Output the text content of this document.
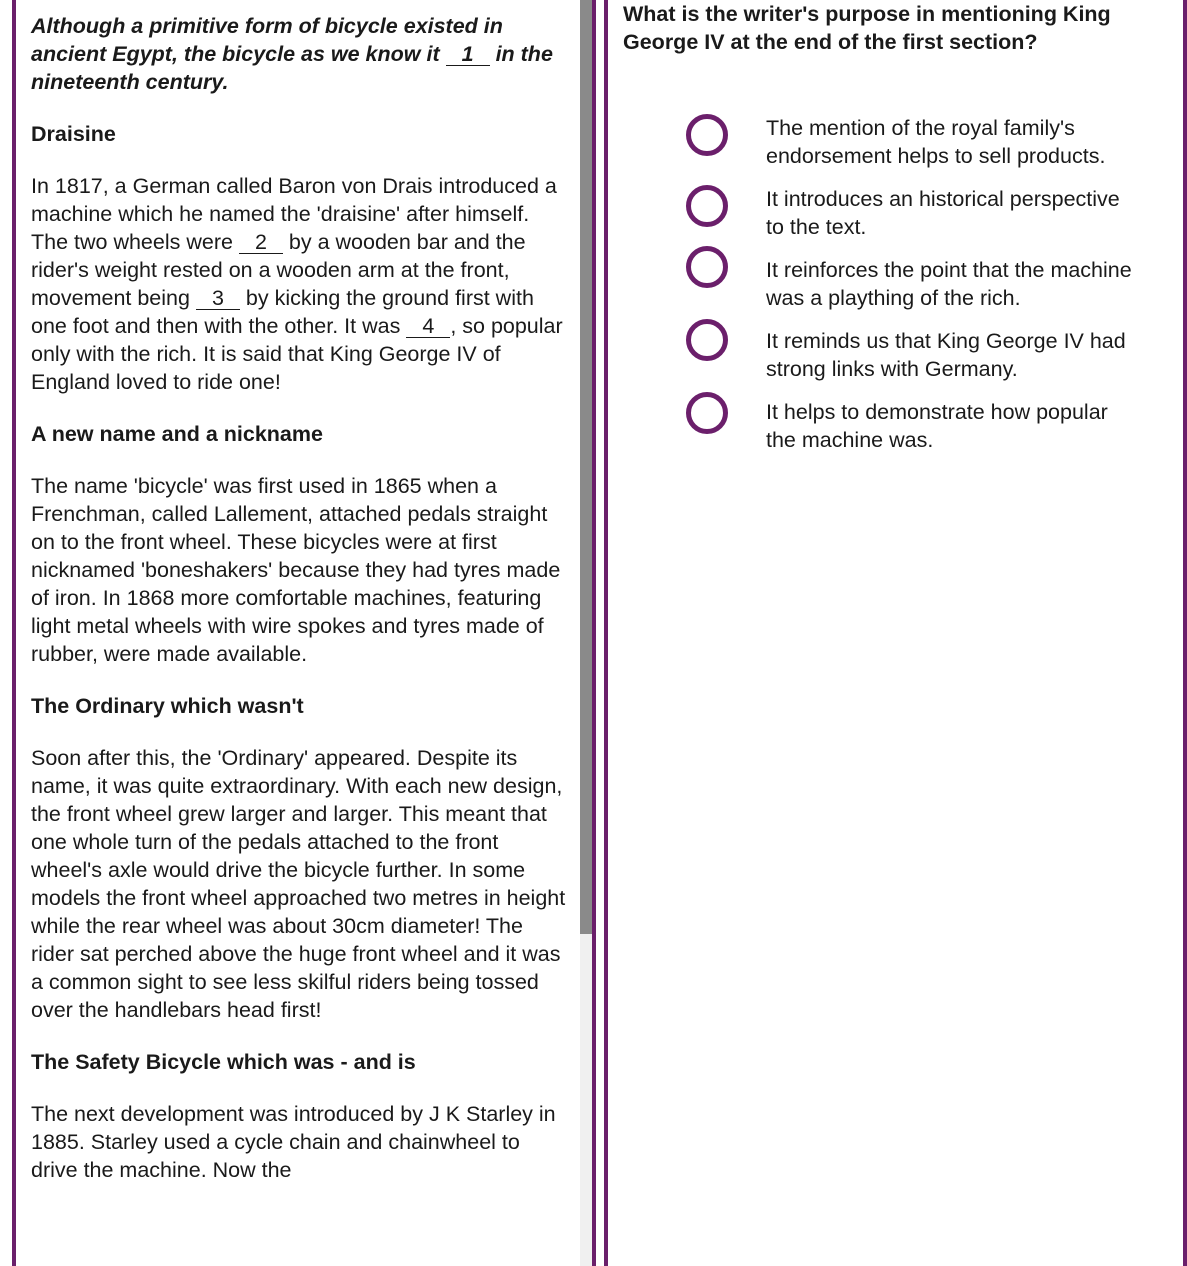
Although a primitive form of bicycle existed in ancient Egypt, the bicycle as we know it 1 in the nineteenth century.

Draisine

In 1817, a German called Baron von Drais introduced a machine which he named the 'draisine' after himself. The two wheels were 2 by a wooden bar and the rider's weight rested on a wooden arm at the front, movement being 3 by kicking the ground first with one foot and then with the other. It was 4 , so popular only with the rich. It is said that King George IV of England loved to ride one!

A new name and a nickname

The name 'bicycle' was first used in 1865 when a Frenchman, called Lallement, attached pedals straight on to the front wheel. These bicycles were at first nicknamed 'boneshakers' because they had tyres made of iron. In 1868 more comfortable machines, featuring light metal wheels with wire spokes and tyres made of rubber, were made available.

The Ordinary which wasn't

Soon after this, the 'Ordinary' appeared. Despite its name, it was quite extraordinary. With each new design, the front wheel grew larger and larger. This meant that one whole turn of the pedals attached to the front wheel's axle would drive the bicycle further. In some models the front wheel approached two metres in height while the rear wheel was about 30cm diameter! The rider sat perched above the huge front wheel and it was a common sight to see less skilful riders being tossed over the handlebars head first!

The Safety Bicycle which was - and is

The next development was introduced by J K Starley in 1885. Starley used a cycle chain and chainwheel to drive the machine. Now the

What is the writer's purpose in mentioning King George IV at the end of the first section?
The mention of the royal family's endorsement helps to sell products.
It introduces an historical perspective to the text.
It reinforces the point that the machine was a plaything of the rich.
It reminds us that King George IV had strong links with Germany.
It helps to demonstrate how popular the machine was.
